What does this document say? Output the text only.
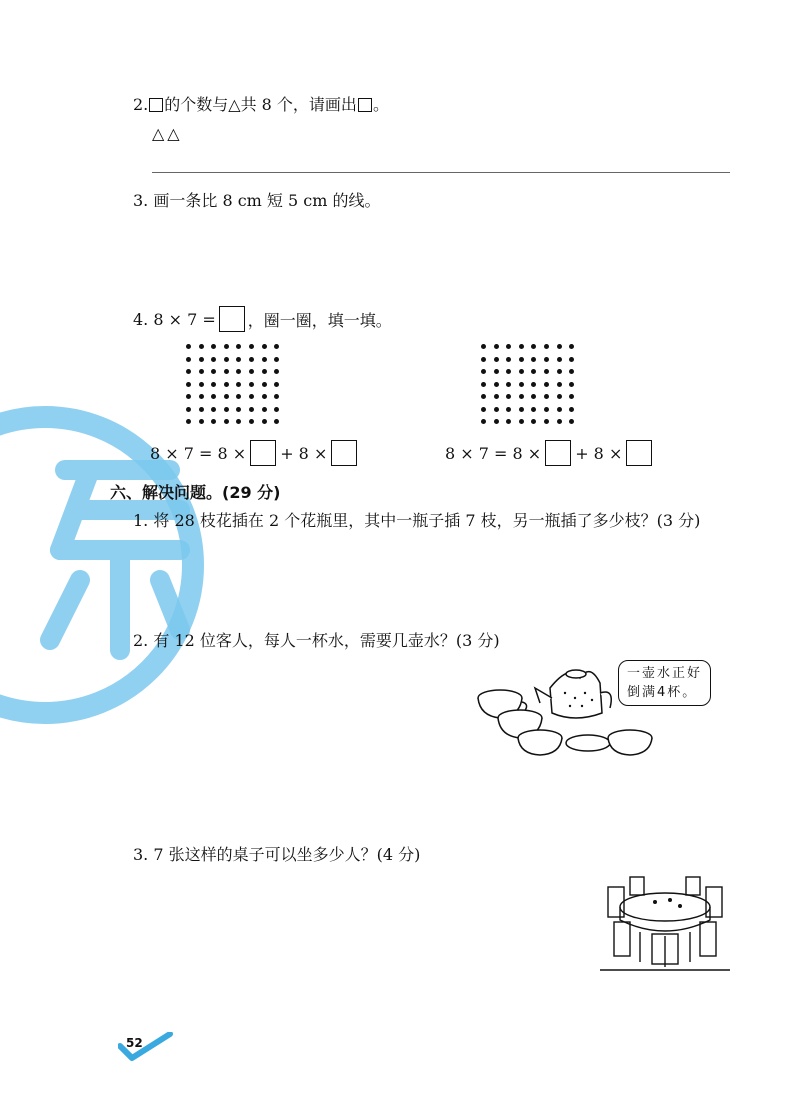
2. 的个数与△共 8 个，请画出 。
△△
3. 画一条比 8 cm 短 5 cm 的线。
4. 8 × 7 = ，圈一圈，填一填。
8 × 7 = 8 × + 8 ×	8 × 7 = 8 × + 8 ×
六、解决问题。(29 分)
1. 将 28 枝花插在 2 个花瓶里，其中一瓶子插 7 枝，另一瓶插了多少枝？(3 分)
2. 有 12 位客人，每人一杯水，需要几壶水？(3 分)
一壶水正好
倒满4杯。
3. 7 张这样的桌子可以坐多少人？(4 分)
52
